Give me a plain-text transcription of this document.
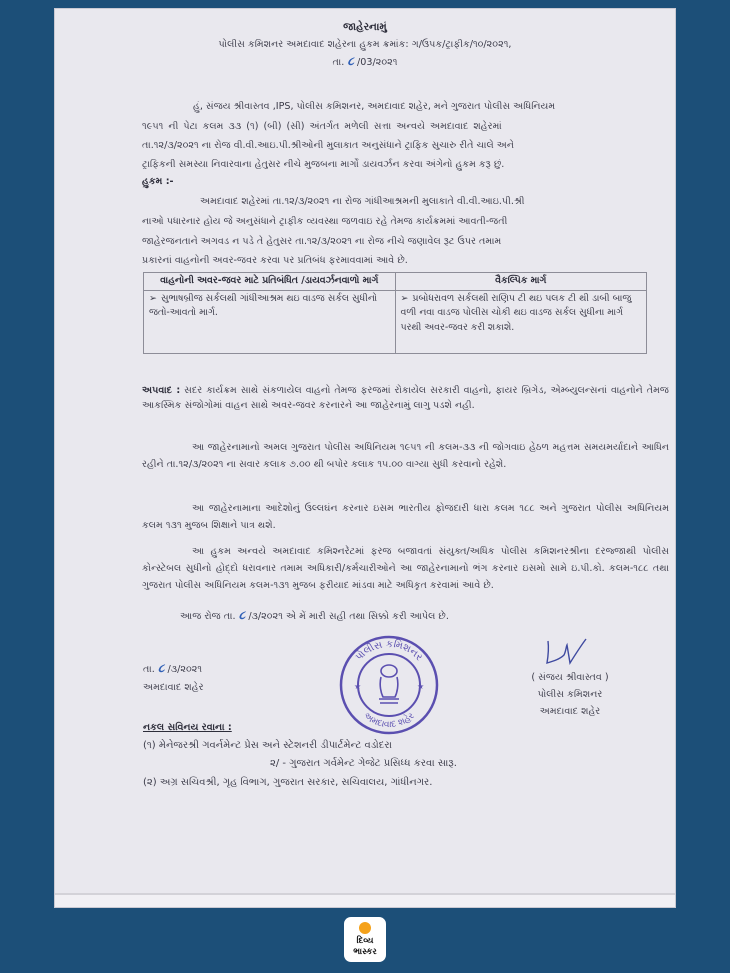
જાહેરનામું
પોલીસ કમિશનર અમદાવાદ શહેરના હુકમ ક્રમાંક: ગ/ઉપક/ટ્રાફીક/૧૦/૨૦૨૧,
તા. ૮ /03/૨૦૨૧
હું, સંજય શ્રીવાસ્તવ ,IPS, પોલીસ કમિશનર, અમદાવાદ શહેર, મને ગુજરાત પોલીસ અધિનિયમ
૧૯૫૧ ની પેટા કલમ ૩૩ (૧) (બી) (સી) અંતર્ગત મળેલી સત્તા અન્વયે અમદાવાદ શહેરમાં
તા.૧૨/૩/૨૦૨૧ ના રોજ વી.વી.આઇ.પી.શ્રીઓની મુલાકાત અનુસંધાને ટ્રાફિક સુચારુ રીતે ચાલે અને
ટ્રાફિકની સમસ્યા નિવારવાના હેતુસર નીચે મુજબના માર્ગો ડાયવર્ઝન કરવા અંગેનો હુકમ કરૂ છું.
હુકમ :-
અમદાવાદ શહેરમાં તા.૧૨/૩/૨૦૨૧ ના રોજ ગાંધીઆશ્રમની મુલાકાતે વી.વી.આઇ.પી.શ્રી
નાઓ પધારનાર હોય જે અનુસંધાને ટ્રાફીક વ્યવસ્થા જળવાઇ રહે તેમજ કાર્યક્રમમાં આવતી-જતી
જાહેરજનતાને અગવડ ન પડે તે હેતુસર તા.૧૨/૩/૨૦૨૧ ના રોજ નીચે જણાવેલ રૂટ ઉપર તમામ
પ્રકારનાં વાહનોની અવર-જવર કરવા પર પ્રતિબંધ ફરમાવવામાં આવે છે.
વાહનોની અવર-જવર માટે પ્રતિબંધિત /ડાયવર્ઝનવાળો માર્ગ	વૈકલ્પિક માર્ગ
➢ સુભાષબ્રીજ સર્કલથી ગાંધીઆશ્રમ થઇ વાડજ સર્કલ સુધીનો જતો-આવતો માર્ગ.	➢ પ્રબોધરાવળ સર્કલથી રાણિપ ટી થઇ પલક ટી થી ડાબી બાજુ વળી નવા વાડજ પોલીસ ચોકી થઇ વાડજ સર્કલ સુધીના માર્ગ પરથી અવર-જવર કરી શકાશે.
અપવાદ : સદર કાર્યક્રમ સાથે સંકળાયેલ વાહનો તેમજ ફરજમાં રોકાયેલ સરકારી વાહનો, ફાયર બ્રિગેડ, એમ્બ્યુલન્સનાં વાહનોને તેમજ આકસ્મિક સંજોગોમાં વાહન સાથે અવર-જવર કરનારને આ જાહેરનામું લાગુ પડશે નહી.
આ જાહેરનામાનો અમલ ગુજરાત પોલીસ અધિનિયમ ૧૯૫૧ ની કલમ-૩૩ ની જોગવાઇ હેઠળ મહત્તમ સમયમર્યાદાને આધિન રહીને તા.૧૨/૩/૨૦૨૧ ના સવાર કલાક ૭.૦૦ થી બપોર કલાક ૧૫.૦૦ વાગ્યા સુધી કરવાનો રહેશે.
આ જાહેરનામાના આદેશોનું ઉલ્લઘંન કરનાર ઇસમ ભારતીય ફોજદારી ધારા કલમ ૧૮૮ અને ગુજરાત પોલીસ અધિનિયમ કલમ ૧૩૧ મુજબ શિક્ષાને પાત્ર થશે.
આ હુકમ અન્વયે અમદાવાદ કમિશ્નરેટમાં ફરજ બજાવતાં સંયુક્ત/અધિક પોલીસ કમિશનરશ્રીના દરજ્જાથી પોલીસ કોન્સ્ટેબલ સુધીનો હોદ્દો ધરાવનાર તમામ અધિકારી/કર્મચારીઓને આ જાહેરનામાનો ભંગ કરનાર ઇસમો સામે ઇ.પી.કો. કલમ-૧૮૮ તથા ગુજરાત પોલીસ અધિનિયમ કલમ-૧૩૧ મુજબ ફરીયાદ માંડવા માટે અધિકૃત કરવામાં આવે છે.
આજ રોજ તા. ૮ /૩/૨૦૨૧ એ મેં મારી સહી તથા સિક્કો કરી આપેલ છે.
તા. ૮ /૩/૨૦૨૧
અમદાવાદ શહેર
પોલીસ કમિશનર
અમદાવાદ શહેર
★	★
( સંજય શ્રીવાસ્તવ )
પોલીસ કમિશનર
અમદાવાદ શહેર
નકલ સવિનય રવાના :
(૧) મેનેજરશ્રી ગવર્નમેન્ટ પ્રેસ અને સ્ટેશનરી ડીપાર્ટમેન્ટ વડોદરા
૨/ - ગુજરાત ગર્વમેન્ટ ગેજેટ પ્રસિધ્ધ કરવા સારૂ.
(૨) અગ્ર સચિવશ્રી, ગૃહ વિભાગ, ગુજરાત સરકાર, સચિવાલય, ગાંધીનગર.
દિવ્ય
ભાસ્કર
